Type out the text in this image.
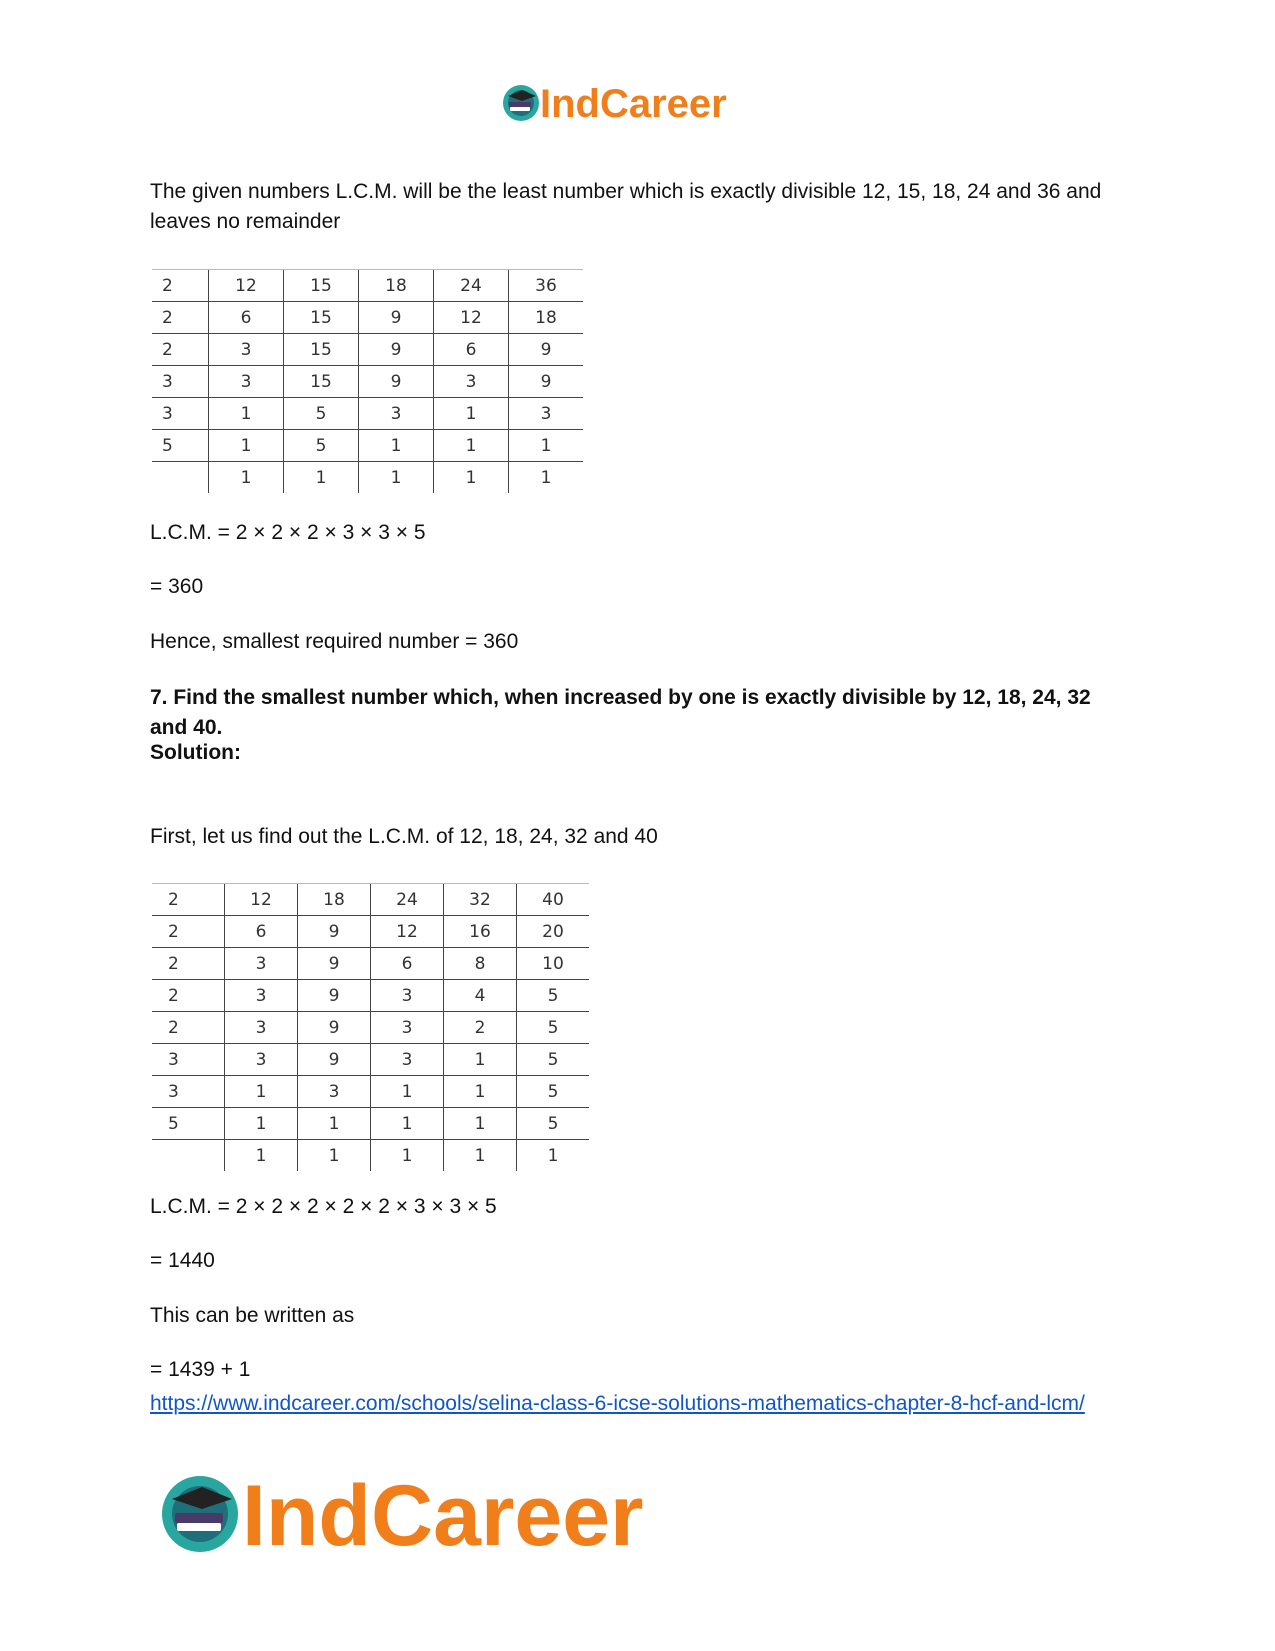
IndCareer

The given numbers L.C.M. will be the least number which is exactly divisible 12, 15, 18, 24 and 36 and leaves no remainder

2	12	15	18	24	36
2	6	15	9	12	18
2	3	15	9	6	9
3	3	15	9	3	9
3	1	5	3	1	3
5	1	5	1	1	1
	1	1	1	1	1

L.C.M. = 2 × 2 × 2 × 3 × 3 × 5

= 360

Hence, smallest required number = 360

7. Find the smallest number which, when increased by one is exactly divisible by 12, 18, 24, 32 and 40.

Solution:

First, let us find out the L.C.M. of 12, 18, 24, 32 and 40

2	12	18	24	32	40
2	6	9	12	16	20
2	3	9	6	8	10
2	3	9	3	4	5
2	3	9	3	2	5
3	3	9	3	1	5
3	1	3	1	1	5
5	1	1	1	1	5
	1	1	1	1	1

L.C.M. = 2 × 2 × 2 × 2 × 2 × 3 × 3 × 5

= 1440

This can be written as

= 1439 + 1

https://www.indcareer.com/schools/selina-class-6-icse-solutions-mathematics-chapter-8-hcf-and-lcm/
IndCareer
